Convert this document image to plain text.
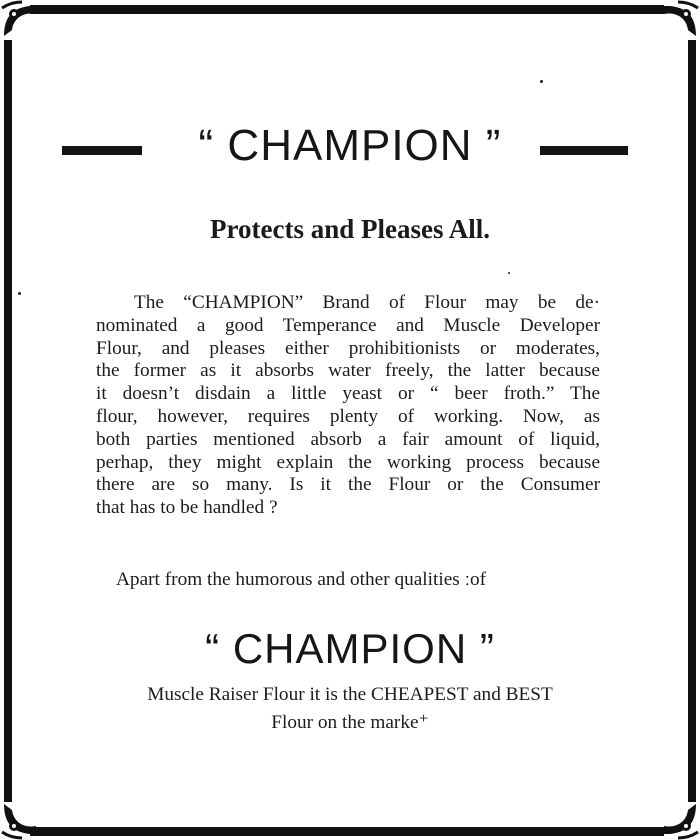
“ CHAMPION ”
Protects and Pleases All.
The “CHAMPION” Brand of Flour may be de·
nominated a good Temperance and Muscle Developer
Flour, and pleases either prohibitionists or moderates,
the former as it absorbs water freely, the latter because
it doesn’t disdain a little yeast or “ beer froth.” The
flour, however, requires plenty of working. Now, as
both parties mentioned absorb a fair amount of liquid,
perhap, they might explain the working process because
there are so many. Is it the Flour or the Consumer
that has to be handled ?
Apart from the humorous and other qualities ːof
“ CHAMPION ”
Muscle Raiser Flour it is the CHEAPEST and BEST
Flour on the marke⁺
